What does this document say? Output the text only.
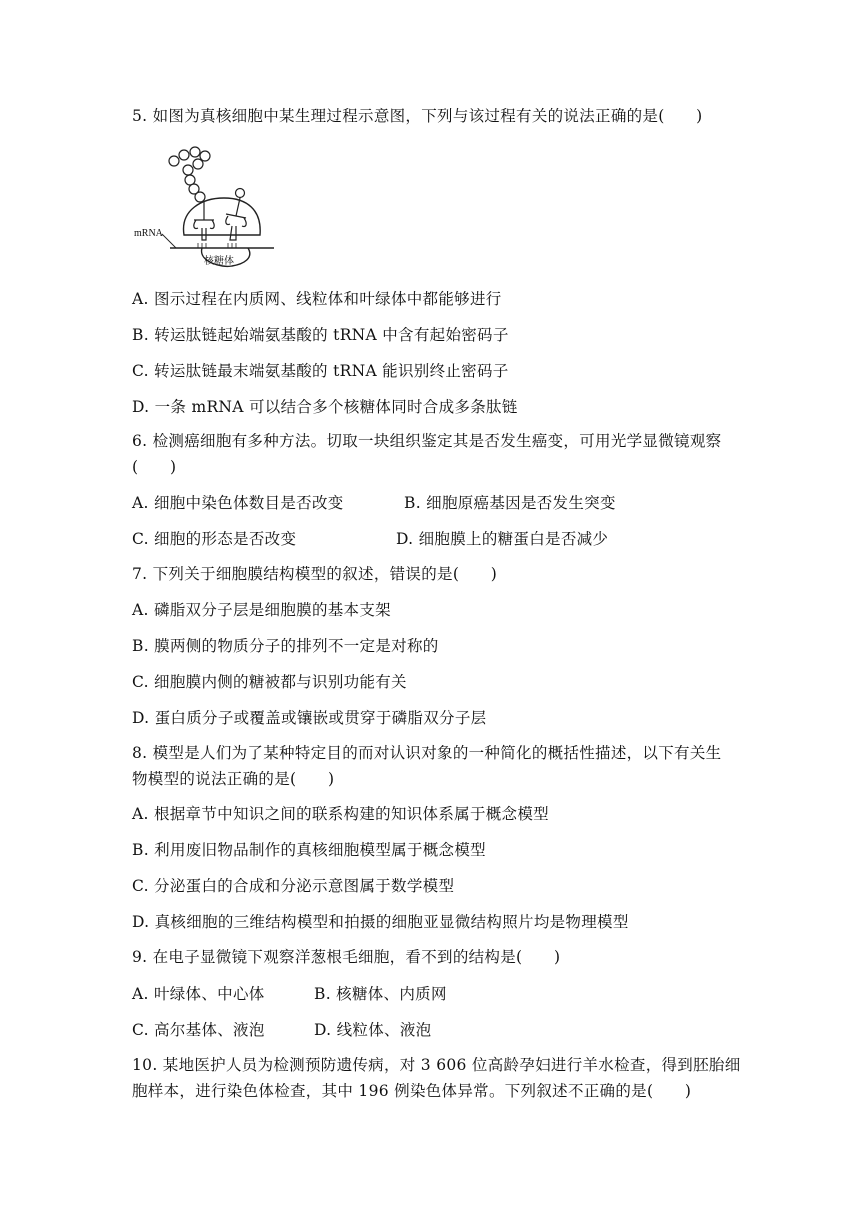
5. 如图为真核细胞中某生理过程示意图，下列与该过程有关的说法正确的是(　　)
mRNA
核糖体
A. 图示过程在内质网、线粒体和叶绿体中都能够进行
B. 转运肽链起始端氨基酸的 tRNA 中含有起始密码子
C. 转运肽链最末端氨基酸的 tRNA 能识别终止密码子
D. 一条 mRNA 可以结合多个核糖体同时合成多条肽链
6. 检测癌细胞有多种方法。切取一块组织鉴定其是否发生癌变，可用光学显微镜观察
(　　)
A. 细胞中染色体数目是否改变	B. 细胞原癌基因是否发生突变
C. 细胞的形态是否改变	D. 细胞膜上的糖蛋白是否减少
7. 下列关于细胞膜结构模型的叙述，错误的是(　　)
A. 磷脂双分子层是细胞膜的基本支架
B. 膜两侧的物质分子的排列不一定是对称的
C. 细胞膜内侧的糖被都与识别功能有关
D. 蛋白质分子或覆盖或镶嵌或贯穿于磷脂双分子层
8. 模型是人们为了某种特定目的而对认识对象的一种简化的概括性描述，以下有关生
物模型的说法正确的是(　　)
A. 根据章节中知识之间的联系构建的知识体系属于概念模型
B. 利用废旧物品制作的真核细胞模型属于概念模型
C. 分泌蛋白的合成和分泌示意图属于数学模型
D. 真核细胞的三维结构模型和拍摄的细胞亚显微结构照片均是物理模型
9. 在电子显微镜下观察洋葱根毛细胞，看不到的结构是(　　)
A. 叶绿体、中心体	B. 核糖体、内质网
C. 高尔基体、液泡	D. 线粒体、液泡
10. 某地医护人员为检测预防遗传病，对 3 606 位高龄孕妇进行羊水检查，得到胚胎细
胞样本，进行染色体检查，其中 196 例染色体异常。下列叙述不正确的是(　　)
